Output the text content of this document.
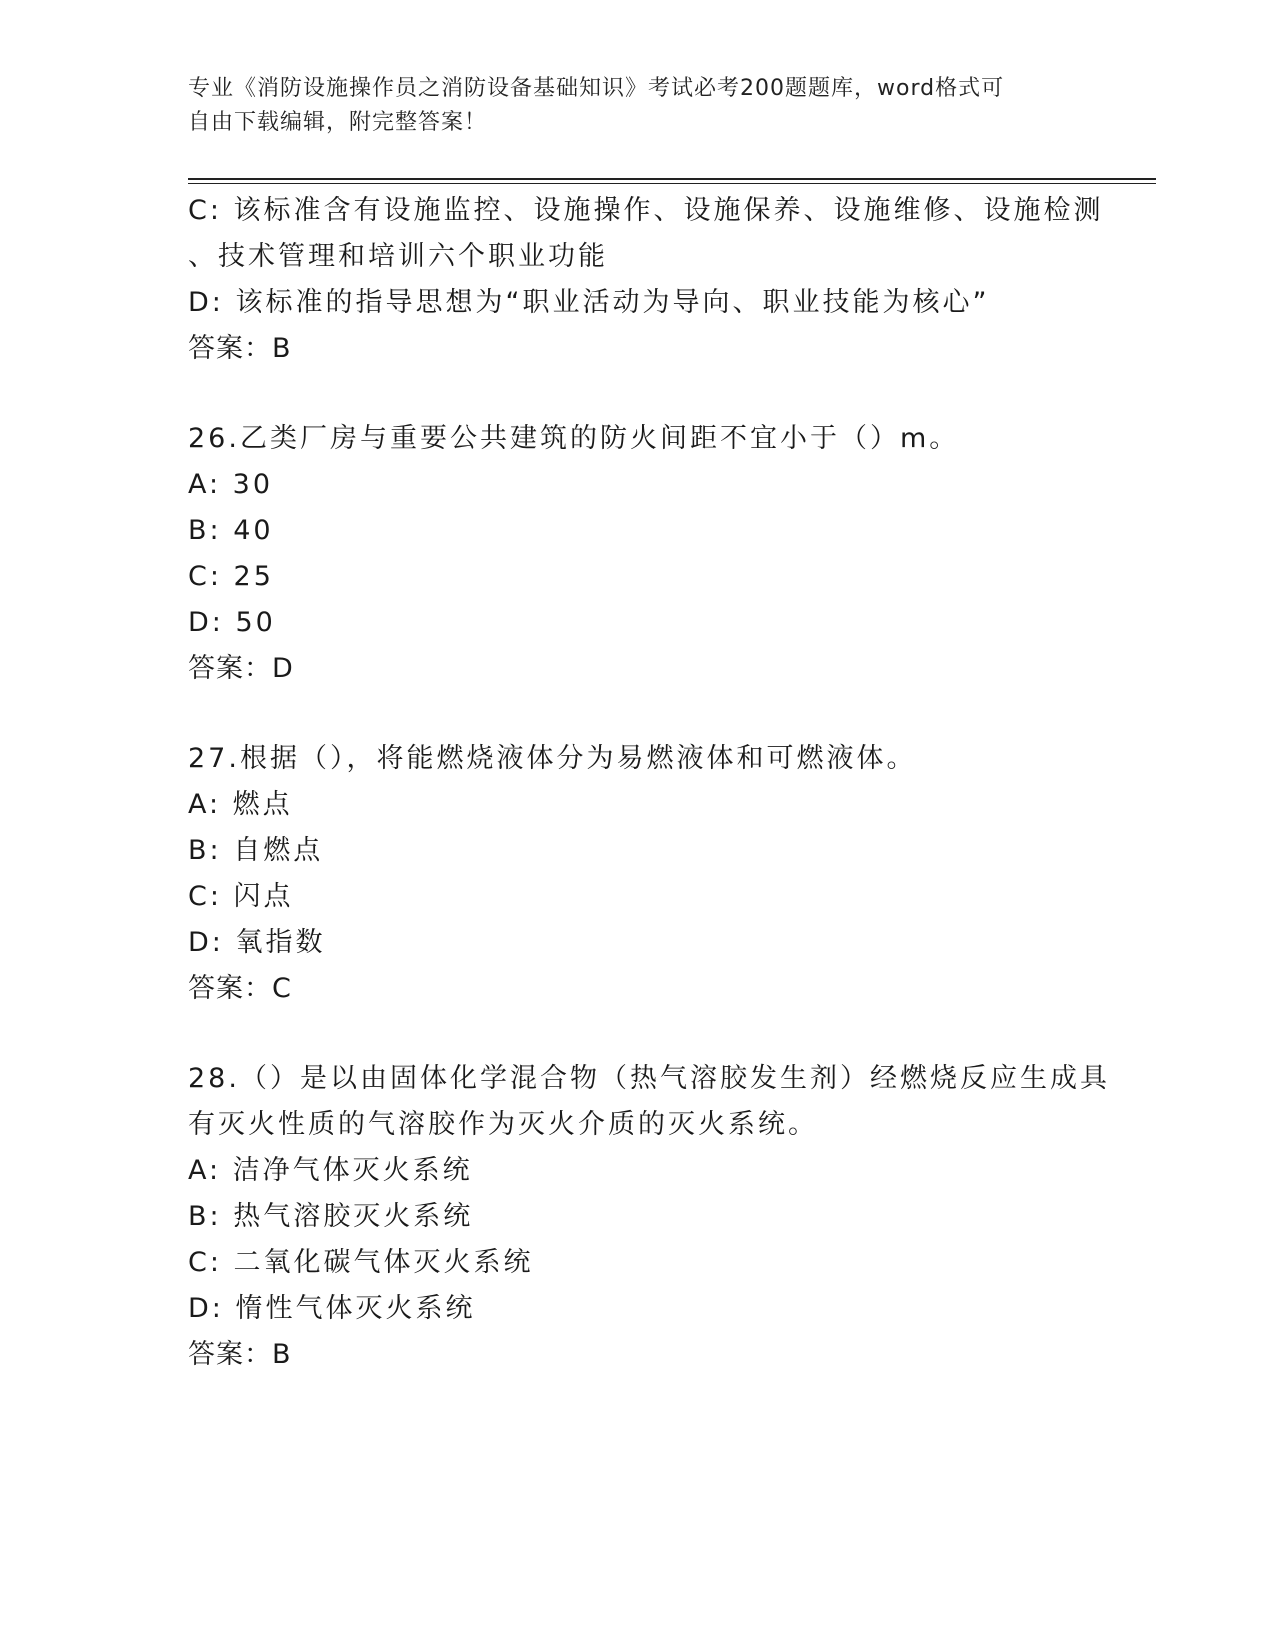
专业《消防设施操作员之消防设备基础知识》考试必考200题题库，word格式可
自由下载编辑，附完整答案！
C: 该标准含有设施监控、设施操作、设施保养、设施维修、设施检测
、技术管理和培训六个职业功能
D: 该标准的指导思想为“职业活动为导向、职业技能为核心”
答案：B
26.乙类厂房与重要公共建筑的防火间距不宜小于（）m。
A: 30
B: 40
C: 25
D: 50
答案：D
27.根据（），将能燃烧液体分为易燃液体和可燃液体。
A: 燃点
B: 自燃点
C: 闪点
D: 氧指数
答案：C
28.（）是以由固体化学混合物（热气溶胶发生剂）经燃烧反应生成具
有灭火性质的气溶胶作为灭火介质的灭火系统。
A: 洁净气体灭火系统
B: 热气溶胶灭火系统
C: 二氧化碳气体灭火系统
D: 惰性气体灭火系统
答案：B
